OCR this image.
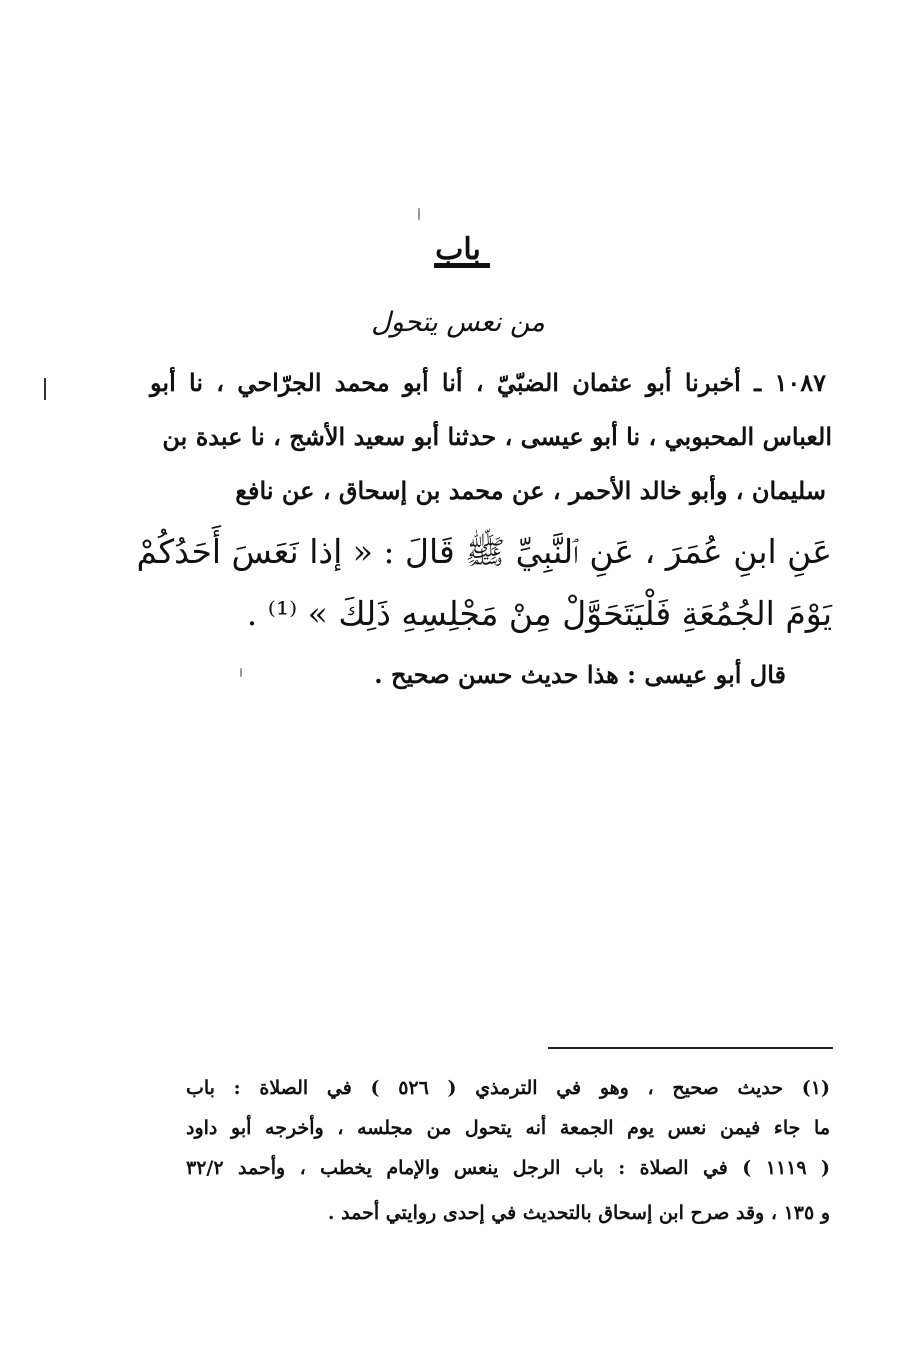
باب
من نعس يتحول
١٠٨٧ ـ أخبرنا أبو عثمان الضبّيّ ، أنا أبو محمد الجرّاحي ، نا أبو
العباس المحبوبي ، نا أبو عيسى ، حدثنا أبو سعيد الأشج ، نا عبدة بن
سليمان ، وأبو خالد الأحمر ، عن محمد بن إسحاق ، عن نافع
عَنِ ابنِ عُمَرَ ، عَنِ ٱلنَّبِيِّ ﷺ قَالَ : « إذا نَعَسَ أَحَدُكُمْ
يَوْمَ الجُمُعَةِ فَلْيَتَحَوَّلْ مِنْ مَجْلِسِهِ ذَلِكَ » ⁽¹⁾ .
قال أبو عيسى : هذا حديث حسن صحيح .
(١) حديث صحيح ، وهو في الترمذي ( ٥٢٦ ) في الصلاة : باب
ما جاء فيمن نعس يوم الجمعة أنه يتحول من مجلسه ، وأخرجه أبو داود
( ١١١٩ ) في الصلاة : باب الرجل ينعس والإمام يخطب ، وأحمد ٣٢/٢
و ١٣٥ ، وقد صرح ابن إسحاق بالتحديث في إحدى روايتي أحمد .
